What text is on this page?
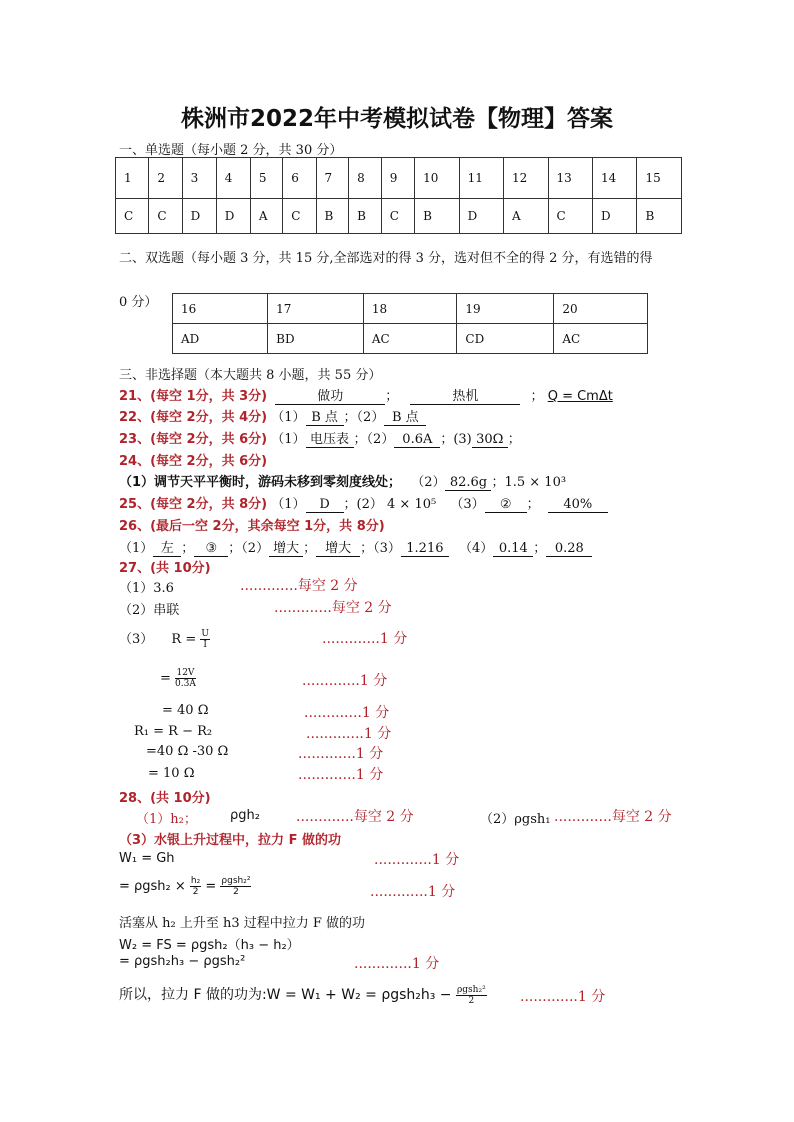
株洲市2022年中考模拟试卷【物理】答案
一、单选题（每小题 2 分，共 30 分）
1	2	3	4	5	6	7	8	9	10	11	12	13	14	15
C	C	D	D	A	C	B	B	C	B	D	A	C	D	B
二、双选题（每小题 3 分，共 15 分,全部选对的得 3 分，选对但不全的得 2 分，有选错的得
0 分） 16	17	18	19	20
AD	BD	AC	CD	AC
三、非选择题（本大题共 8 小题，共 55 分）
21、(每空 1分，共 3分)	做功	；	热机	； Q = CmΔt
22、(每空 2分，共 4分) （1） B 点 ；（2） B 点
23、(每空 2分，共 6分) （1） 电压表 ；（2） 0.6A ；(3) 30Ω ；
24、(每空 2分，共 6分)
（1）调节天平平衡时，游码未移到零刻度线处； （2） 82.6g ；1.5 × 10³
25、(每空 2分，共 8分) （1） D ；(2） 4 × 10⁵ （3） ② ； 40%
26、(最后一空 2分，其余每空 1分，共 8分)
（1） 左 ； ③ ；（2） 增大 ； 增大 ；（3） 1.216 （4） 0.14 ； 0.28
27、(共 10分)
（1）3.6	.............每空 2 分
（2）串联	.............每空 2 分
（3） $R = \frac{U}{I}$	.............1 分
= $\frac{12V}{0.3A}$	.............1 分
= 40 Ω	.............1 分
R₁ = R − R₂	.............1 分
=40 Ω -30 Ω	.............1 分
= 10 Ω	.............1 分
28、(共 10分)
（1）h₂；	ρgh₂	.............每空 2 分	（2）ρgsh₁ .............每空 2 分
（3）水银上升过程中，拉力 F 做的功
W₁ = Gh	.............1 分
= $\rho gsh_2 \times \frac{\text{h₂}}{2} = \frac{\text{ρgsh₂²}}{2}$	.............1 分
活塞从 h₂ 上升至 h3 过程中拉力 F 做的功
W₂ = FS = ρgsh₂（h₃ − h₂）
= ρgsh₂h₃ − ρgsh₂²	.............1 分
所以，拉力 F 做的功为:W = $W_1 + W_2 = \rho gsh_2h_3 - \frac{\text{ρgsh₂²}}{2} .............1$ 分
